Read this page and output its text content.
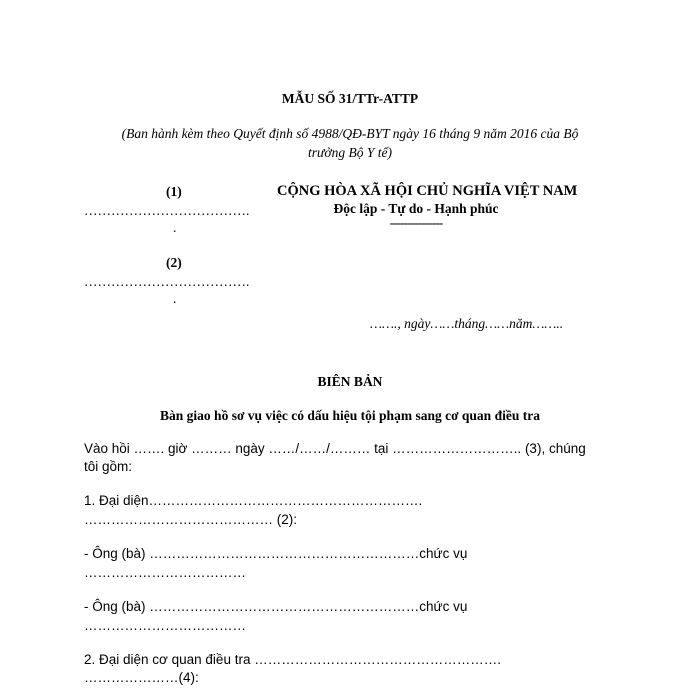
MẪU SỐ 31/TTr-ATTP
(Ban hành kèm theo Quyết định số 4988/QĐ-BYT ngày 16 tháng 9 năm 2016 của Bộ
trưởng Bộ Y tế)
(1)
……………………………….
.
(2)
……………………………….
.
CỘNG HÒA XÃ HỘI CHỦ NGHĨA VIỆT NAM
Độc lập - Tự do - Hạnh phúc
---------------
……., ngày……tháng……năm……..
BIÊN BẢN
Bàn giao hồ sơ vụ việc có dấu hiệu tội phạm sang cơ quan điều tra
Vào hồi ……. giờ ……… ngày ……/……/……… tại ……………………….. (3), chúng
tôi gồm:
1. Đại diện…………………………………………………….
…………………………………… (2):
- Ông (bà) ……………………………………………………chức vụ
………………………………
- Ông (bà) ……………………………………………………chức vụ
………………………………
2. Đại diện cơ quan điều tra ……………………………………………….
…………………(4):
